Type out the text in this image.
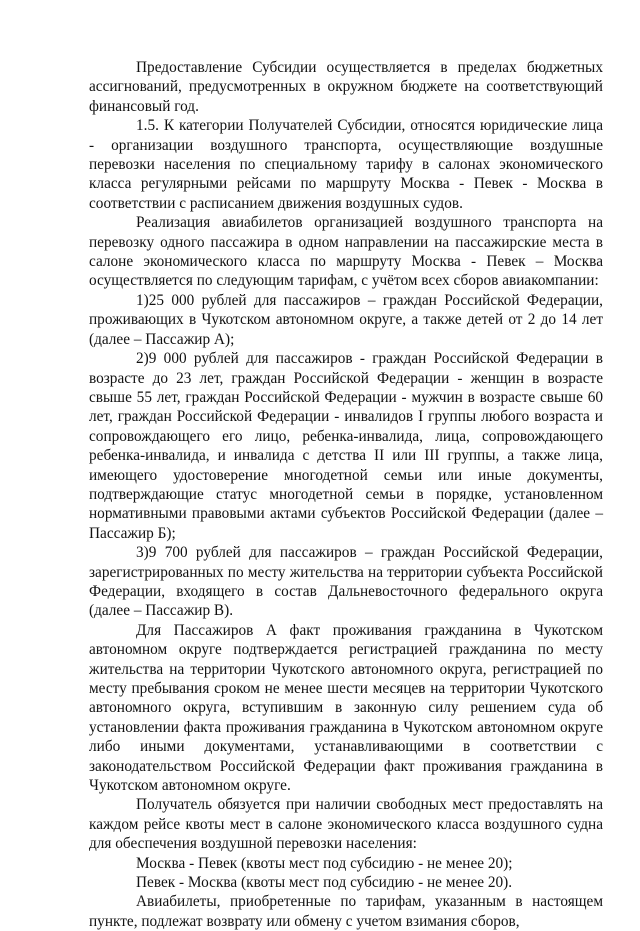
Предоставление Субсидии осуществляется в пределах бюджетных ассигнований, предусмотренных в окружном бюджете на соответствующий финансовый год.

1.5. К категории Получателей Субсидии, относятся юридические лица - организации воздушного транспорта, осуществляющие воздушные перевозки населения по специальному тарифу в салонах экономического класса регулярными рейсами по маршруту Москва - Певек - Москва в соответствии с расписанием движения воздушных судов.

Реализация авиабилетов организацией воздушного транспорта на перевозку одного пассажира в одном направлении на пассажирские места в салоне экономического класса по маршруту Москва - Певек – Москва осуществляется по следующим тарифам, с учётом всех сборов авиакомпании:

1)25 000 рублей для пассажиров – граждан Российской Федерации, проживающих в Чукотском автономном округе, а также детей от 2 до 14 лет (далее – Пассажир А);

2)9 000 рублей для пассажиров - граждан Российской Федерации в возрасте до 23 лет, граждан Российской Федерации - женщин в возрасте свыше 55 лет, граждан Российской Федерации - мужчин в возрасте свыше 60 лет, граждан Российской Федерации - инвалидов I группы любого возраста и сопровождающего его лицо, ребенка-инвалида, лица, сопровождающего ребенка-инвалида, и инвалида с детства II или III группы, а также лица, имеющего удостоверение многодетной семьи или иные документы, подтверждающие статус многодетной семьи в порядке, установленном нормативными правовыми актами субъектов Российской Федерации (далее – Пассажир Б);

3)9 700 рублей для пассажиров – граждан Российской Федерации, зарегистрированных по месту жительства на территории субъекта Российской Федерации, входящего в состав Дальневосточного федерального округа (далее – Пассажир В).

Для Пассажиров А факт проживания гражданина в Чукотском автономном округе подтверждается регистрацией гражданина по месту жительства на территории Чукотского автономного округа, регистрацией по месту пребывания сроком не менее шести месяцев на территории Чукотского автономного округа, вступившим в законную силу решением суда об установлении факта проживания гражданина в Чукотском автономном округе либо иными документами, устанавливающими в соответствии с законодательством Российской Федерации факт проживания гражданина в Чукотском автономном округе.

Получатель обязуется при наличии свободных мест предоставлять на каждом рейсе квоты мест в салоне экономического класса воздушного судна для обеспечения воздушной перевозки населения:

Москва - Певек (квоты мест под субсидию - не менее 20);

Певек - Москва (квоты мест под субсидию - не менее 20).

Авиабилеты, приобретенные по тарифам, указанным в настоящем пункте, подлежат возврату или обмену с учетом взимания сборов,
